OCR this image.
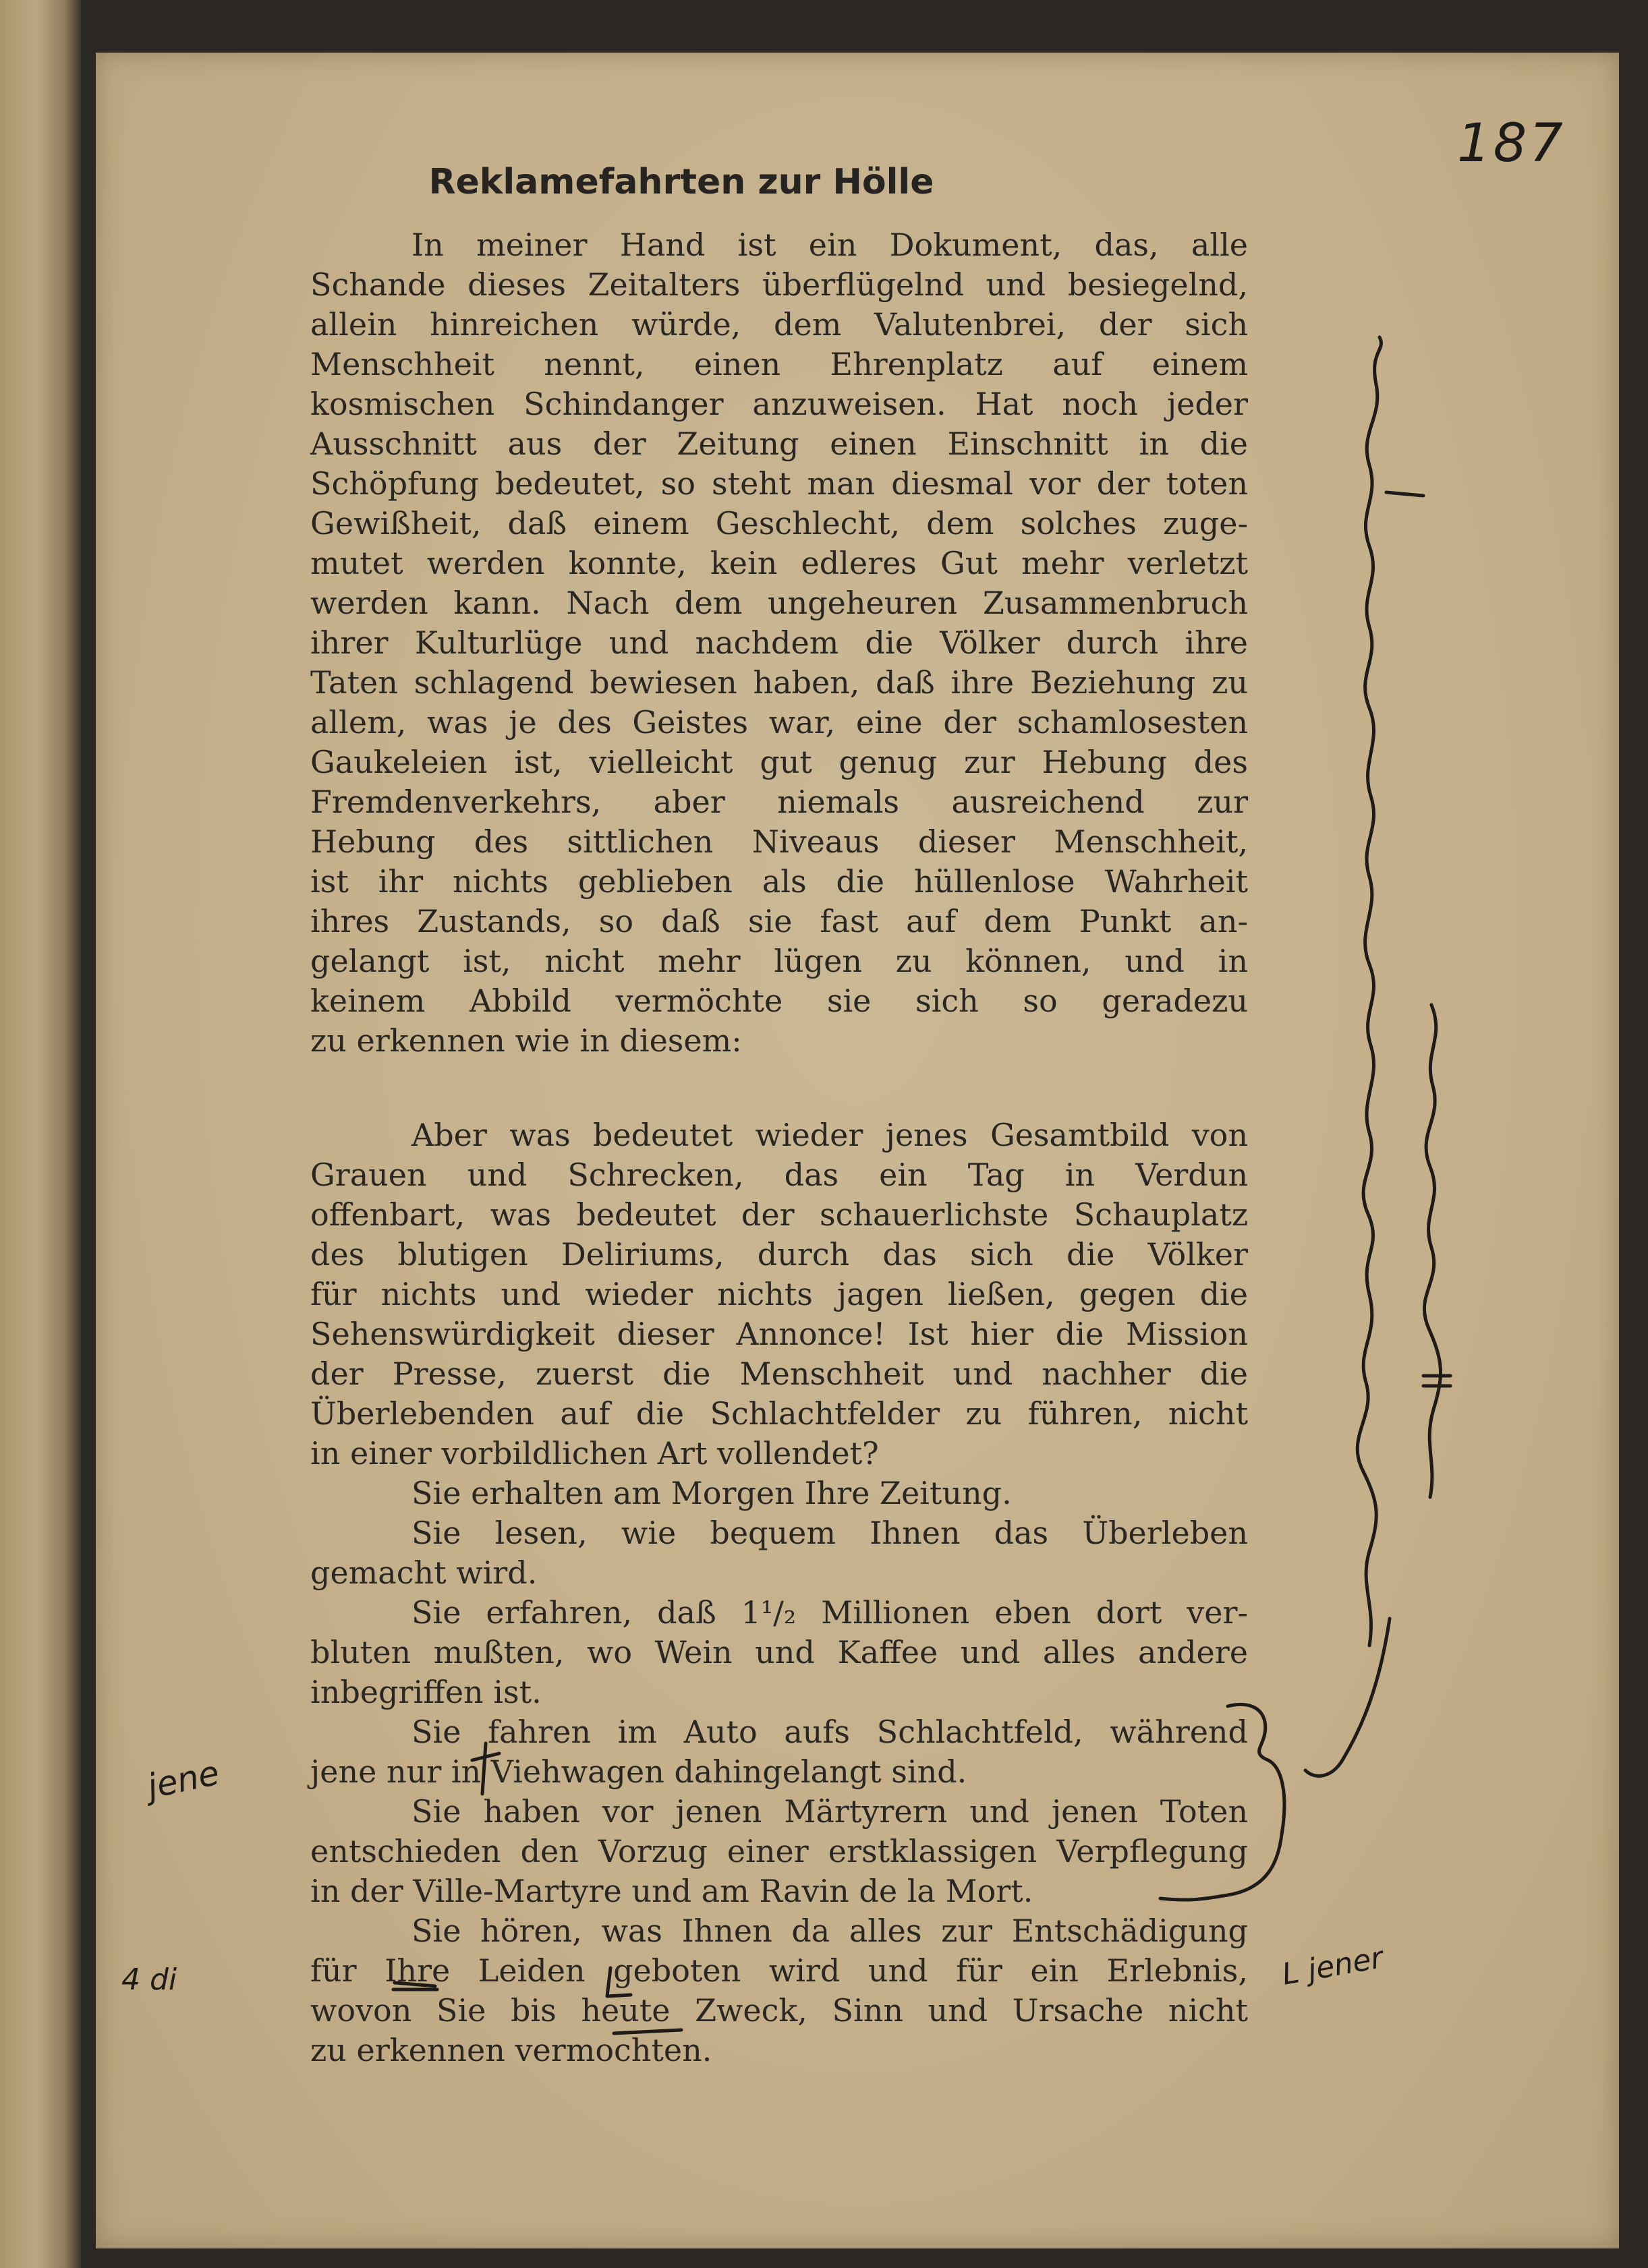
187
Reklamefahrten zur Hölle
In meiner Hand ist ein Dokument, das, alle
Schande dieses Zeitalters überflügelnd und besiegelnd,
allein hinreichen würde, dem Valutenbrei, der sich
Menschheit nennt, einen Ehrenplatz auf einem
kosmischen Schindanger anzuweisen. Hat noch jeder
Ausschnitt aus der Zeitung einen Einschnitt in die
Schöpfung bedeutet, so steht man diesmal vor der toten
Gewißheit, daß einem Geschlecht, dem solches zuge-
mutet werden konnte, kein edleres Gut mehr verletzt
werden kann. Nach dem ungeheuren Zusammenbruch
ihrer Kulturlüge und nachdem die Völker durch ihre
Taten schlagend bewiesen haben, daß ihre Beziehung zu
allem, was je des Geistes war, eine der schamlosesten
Gaukeleien ist, vielleicht gut genug zur Hebung des
Fremdenverkehrs, aber niemals ausreichend zur
Hebung des sittlichen Niveaus dieser Menschheit,
ist ihr nichts geblieben als die hüllenlose Wahrheit
ihres Zustands, so daß sie fast auf dem Punkt an-
gelangt ist, nicht mehr lügen zu können, und in
keinem Abbild vermöchte sie sich so geradezu
zu erkennen wie in diesem:
Aber was bedeutet wieder jenes Gesamtbild von
Grauen und Schrecken, das ein Tag in Verdun
offenbart, was bedeutet der schauerlichste Schauplatz
des blutigen Deliriums, durch das sich die Völker
für nichts und wieder nichts jagen ließen, gegen die
Sehenswürdigkeit dieser Annonce! Ist hier die Mission
der Presse, zuerst die Menschheit und nachher die
Überlebenden auf die Schlachtfelder zu führen, nicht
in einer vorbildlichen Art vollendet?
Sie erhalten am Morgen Ihre Zeitung.
Sie lesen, wie bequem Ihnen das Überleben
gemacht wird.
Sie erfahren, daß 1¹/₂ Millionen eben dort ver-
bluten mußten, wo Wein und Kaffee und alles andere
inbegriffen ist.
Sie fahren im Auto aufs Schlachtfeld, während
jene nur in Viehwagen dahingelangt sind.
Sie haben vor jenen Märtyrern und jenen Toten
entschieden den Vorzug einer erstklassigen Verpflegung
in der Ville-Martyre und am Ravin de la Mort.
Sie hören, was Ihnen da alles zur Entschädigung
für Ihre Leiden geboten wird und für ein Erlebnis,
wovon Sie bis heute Zweck, Sinn und Ursache nicht
zu erkennen vermochten.
jene
4 di	L jener
